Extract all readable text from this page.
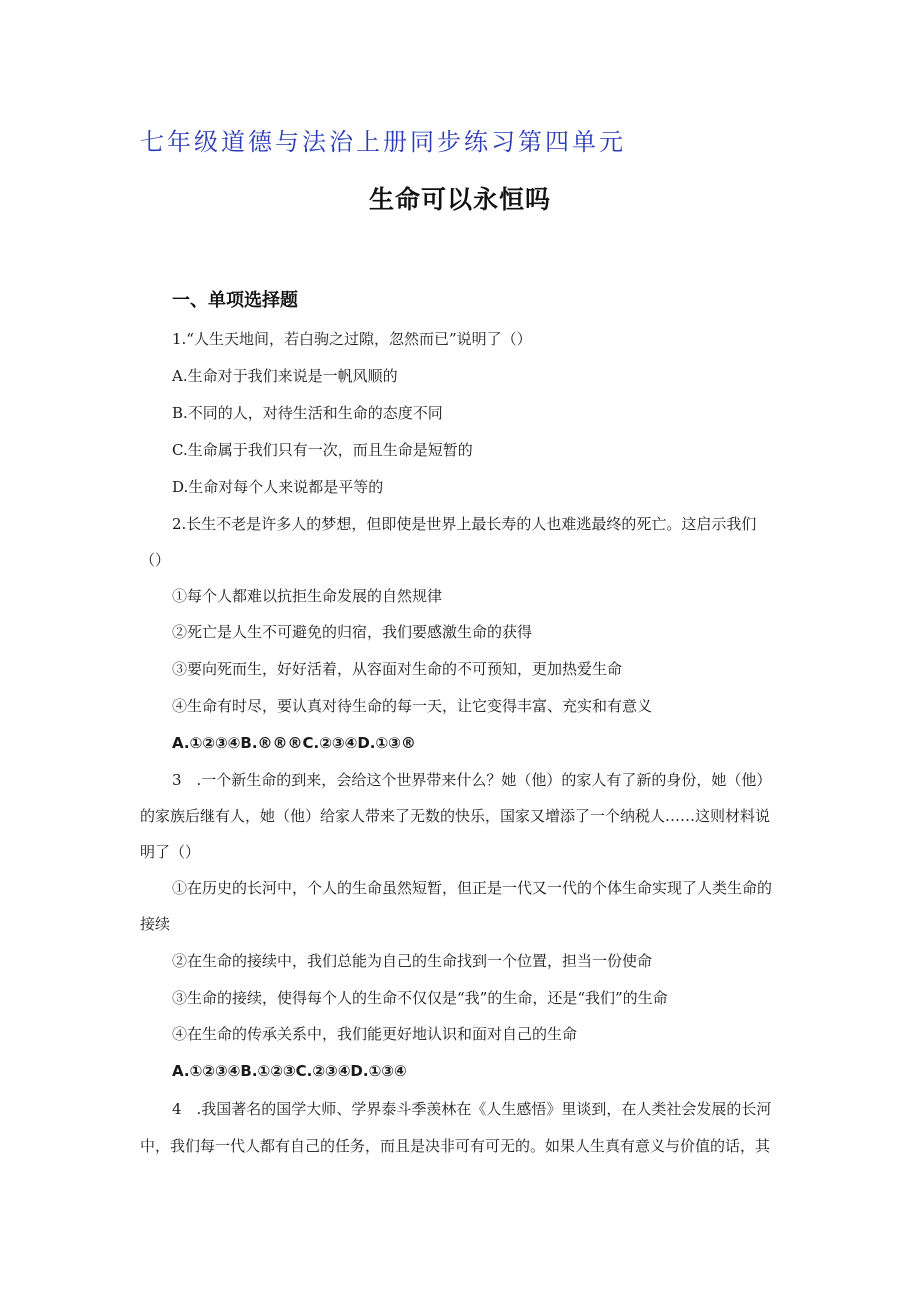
七年级道德与法治上册同步练习第四单元
生命可以永恒吗
一、单项选择题
1.“人生天地间，若白驹之过隙，忽然而已”说明了（）
A.生命对于我们来说是一帆风顺的
B.不同的人，对待生活和生命的态度不同
C.生命属于我们只有一次，而且生命是短暂的
D.生命对每个人来说都是平等的
2.长生不老是许多人的梦想，但即使是世界上最长寿的人也难逃最终的死亡。这启示我们
（）
①每个人都难以抗拒生命发展的自然规律
②死亡是人生不可避免的归宿，我们要感激生命的获得
③要向死而生，好好活着，从容面对生命的不可预知，更加热爱生命
④生命有时尽，要认真对待生命的每一天，让它变得丰富、充实和有意义
A.①②③④B.®®®C.②③④D.①③®
3　.一个新生命的到来，会给这个世界带来什么？她（他）的家人有了新的身份，她（他）
的家族后继有人，她（他）给家人带来了无数的快乐，国家又增添了一个纳税人……这则材料说
明了（）
①在历史的长河中，个人的生命虽然短暂，但正是一代又一代的个体生命实现了人类生命的
接续
②在生命的接续中，我们总能为自己的生命找到一个位置，担当一份使命
③生命的接续，使得每个人的生命不仅仅是“我”的生命，还是“我们”的生命
④在生命的传承关系中，我们能更好地认识和面对自己的生命
A.①②③④B.①②③C.②③④D.①③④
4　.我国著名的国学大师、学界泰斗季羡林在《人生感悟》里谈到，在人类社会发展的长河
中，我们每一代人都有自己的任务，而且是决非可有可无的。如果人生真有意义与价值的话，其
